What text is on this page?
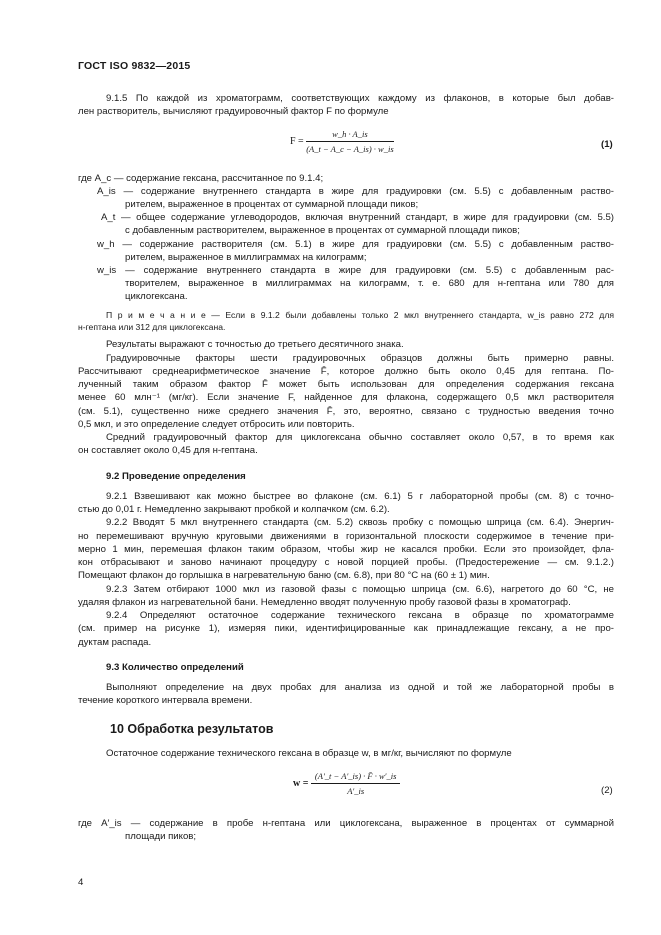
ГОСТ ISO 9832—2015
9.1.5 По каждой из хроматограмм, соответствующих каждому из флаконов, в которые был добав-
лен растворитель, вычисляют градуировочный фактор F по формуле
$F = \frac{w\_h \cdot A\_is}{(A\_t - A\_c - A\_is) \cdot w\_is}$	(1)
где A_c — содержание гексана, рассчитанное по 9.1.4;
A_is — содержание внутреннего стандарта в жире для градуировки (см. 5.5) с добавленным раство-
рителем, выраженное в процентах от суммарной площади пиков;
A_t — общее содержание углеводородов, включая внутренний стандарт, в жире для градуировки (см. 5.5)
с добавленным растворителем, выраженное в процентах от суммарной площади пиков;
w_h — содержание растворителя (см. 5.1) в жире для градуировки (см. 5.5) с добавленным раство-
рителем, выраженное в миллиграммах на килограмм;
w_is — содержание внутреннего стандарта в жире для градуировки (см. 5.5) с добавленным рас-
творителем, выраженное в миллиграммах на килограмм, т. е. 680 для н-гептана или 780 для
циклогексана.
П р и м е ч а н и е — Если в 9.1.2 были добавлены только 2 мкл внутреннего стандарта, w_is равно 272 для
н-гептана или 312 для циклогексана.
Результаты выражают с точностью до третьего десятичного знака.
Градуировочные факторы шести градуировочных образцов должны быть примерно равны.
Рассчитывают среднеарифметическое значение F̄, которое должно быть около 0,45 для гептана. По-
лученный таким образом фактор F̄ может быть использован для определения содержания гексана
менее 60 млн⁻¹ (мг/кг). Если значение F, найденное для флакона, содержащего 0,5 мкл растворителя
(см. 5.1), существенно ниже среднего значения F̄, это, вероятно, связано с трудностью введения точно
0,5 мкл, и это определение следует отбросить или повторить.
Средний градуировочный фактор для циклогексана обычно составляет около 0,57, в то время как
он составляет около 0,45 для н-гептана.
9.2 Проведение определения
9.2.1 Взвешивают как можно быстрее во флаконе (см. 6.1) 5 г лабораторной пробы (см. 8) с точно-
стью до 0,01 г. Немедленно закрывают пробкой и колпачком (см. 6.2).
9.2.2 Вводят 5 мкл внутреннего стандарта (см. 5.2) сквозь пробку с помощью шприца (см. 6.4). Энергич-
но перемешивают вручную круговыми движениями в горизонтальной плоскости содержимое в течение при-
мерно 1 мин, перемешая флакон таким образом, чтобы жир не касался пробки. Если это произойдет, фла-
кон отбрасывают и заново начинают процедуру с новой порцией пробы. (Предостережение — см. 9.1.2.)
Помещают флакон до горлышка в нагревательную баню (см. 6.8), при 80 °С на (60 ± 1) мин.
9.2.3 Затем отбирают 1000 мкл из газовой фазы с помощью шприца (см. 6.6), нагретого до 60 °С, не
удаляя флакон из нагревательной бани. Немедленно вводят полученную пробу газовой фазы в хроматограф.
9.2.4 Определяют остаточное содержание технического гексана в образце по хроматограмме
(см. пример на рисунке 1), измеряя пики, идентифицированные как принадлежащие гексану, а не про-
дуктам распада.
9.3 Количество определений
Выполняют определение на двух пробах для анализа из одной и той же лабораторной пробы в
течение короткого интервала времени.
10 Обработка результатов
Остаточное содержание технического гексана в образце w, в мг/кг, вычисляют по формуле
$w = \frac{(A'\_t - A'\_is) \cdot F̄ \cdot w'\_is}{A'\_is}$	(2)
где A′_is — содержание в пробе н-гептана или циклогексана, выраженное в процентах от суммарной
площади пиков;
4
